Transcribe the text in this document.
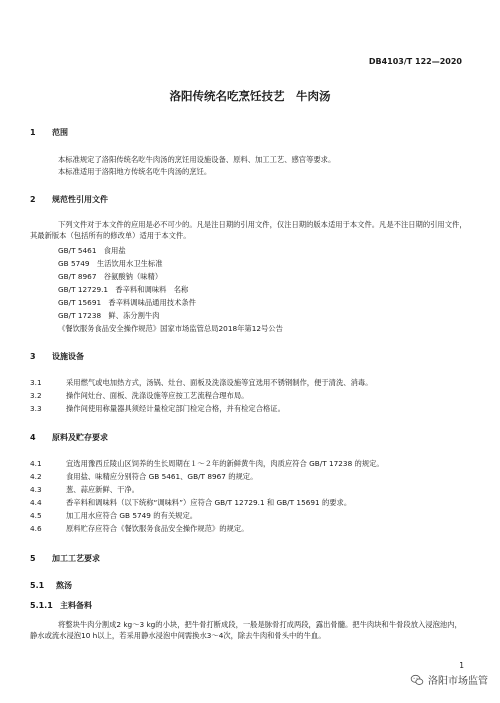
DB4103/T 122—2020
洛阳传统名吃烹饪技艺　牛肉汤
1 范围
本标准规定了洛阳传统名吃牛肉汤的烹饪用设施设备、原料、加工工艺、感官等要求。
本标准适用于洛阳地方传统名吃牛肉汤的烹饪。
2 规范性引用文件
下列文件对于本文件的应用是必不可少的。凡是注日期的引用文件，仅注日期的版本适用于本文件。凡是不注日期的引用文件，其最新版本（包括所有的修改单）适用于本文件。
GB/T 5461　食用盐
GB 5749　生活饮用水卫生标准
GB/T 8967　谷氨酸钠（味精）
GB/T 12729.1　香辛料和调味料　名称
GB/T 15691　香辛料调味品通用技术条件
GB/T 17238　鲜、冻分割牛肉
《餐饮服务食品安全操作规范》国家市场监管总局2018年第12号公告
3 设施设备
3.1	采用燃气或电加热方式，汤锅、灶台、面板及洗涤设施等宜选用不锈钢制作，便于清洗、消毒。
3.2	操作间灶台、面板、洗涤设施等应按工艺流程合理布局。
3.3	操作间使用称量器具须经计量检定部门检定合格，并有检定合格证。
4 原料及贮存要求
4.1	宜选用豫西丘陵山区饲养的生长周期在１～２年的新鲜黄牛肉，肉质应符合 GB/T 17238 的规定。
4.2	食用盐、味精应分别符合 GB 5461、GB/T 8967 的规定。
4.3	葱、蒜应新鲜、干净。
4.4	香辛料和调味料（以下统称“调味料”）应符合 GB/T 12729.1 和 GB/T 15691 的要求。
4.5	加工用水应符合 GB 5749 的有关规定。
4.6	原料贮存应符合《餐饮服务食品安全操作规范》的规定。
5 加工工艺要求
5.1 熬汤
5.1.1 主料备料
将整块牛肉分割成2 kg～3 kg的小块，把牛骨打断成段，一般是脉骨打成两段，露出骨髓。把牛肉块和牛骨段放入浸泡池内，静水或流水浸泡10 h以上，若采用静水浸泡中间需换水3～4次，除去牛肉和骨头中的牛血。
1
洛阳市场监管
